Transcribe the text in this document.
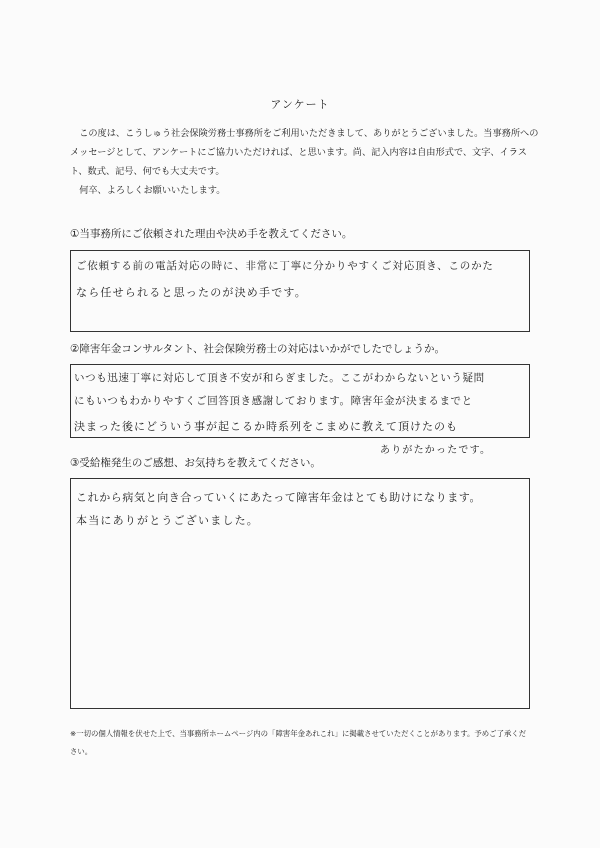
アンケート

この度は、こうしゅう社会保険労務士事務所をご利用いただきまして、ありがとうございました。当事務所へのメッセージとして、アンケートにご協力いただければ、と思います。尚、記入内容は自由形式で、文字、イラスト、数式、記号、何でも大丈夫です。

何卒、よろしくお願いいたします。

①当事務所にご依頼された理由や決め手を教えてください。
ご依頼する前の電話対応の時に、非常に丁寧に分かりやすくご対応頂き、このかた
なら任せられると思ったのが決め手です。
②障害年金コンサルタント、社会保険労務士の対応はいかがでしたでしょうか。
いつも迅速丁寧に対応して頂き不安が和らぎました。ここがわからないという疑問
にもいつもわかりやすくご回答頂き感謝しております。障害年金が決まるまでと
決まった後にどういう事が起こるか時系列をこまめに教えて頂けたのも
ありがたかったです。
③受給権発生のご感想、お気持ちを教えてください。
これから病気と向き合っていくにあたって障害年金はとても助けになります。
本当にありがとうございました。
※一切の個人情報を伏せた上で、当事務所ホームページ内の「障害年金あれこれ」に掲載させていただくことがあります。予めご了承ください。
